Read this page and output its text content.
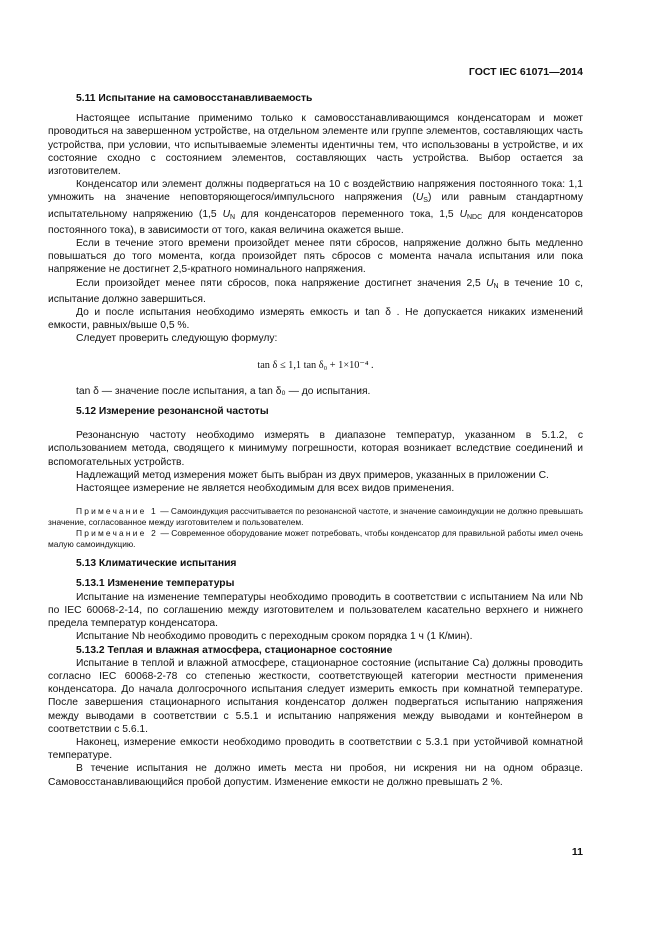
ГОСТ IEC 61071—2014
5.11 Испытание на самовосстанавливаемость

Настоящее испытание применимо только к самовосстанавливающимся конденсаторам и может проводиться на завершенном устройстве, на отдельном элементе или группе элементов, составляющих часть устройства, при условии, что испытываемые элементы идентичны тем, что использованы в устройстве, и их состояние сходно с состоянием элементов, составляющих часть устройства. Выбор остается за изготовителем.

Конденсатор или элемент должны подвергаться на 10 с воздействию напряжения постоянного тока: 1,1 умножить на значение неповторяющегося/импульсного напряжения $(U_S)$ или равным стандартному испытательному напряжению (1,5 $U_N$ для конденсаторов переменного тока, 1,5 $U_{NDC}$ для конденсаторов постоянного тока), в зависимости от того, какая величина окажется выше.

Если в течение этого времени произойдет менее пяти сбросов, напряжение должно быть медленно повышаться до того момента, когда произойдет пять сбросов с момента начала испытания или пока напряжение не достигнет 2,5-кратного номинального напряжения.

Если произойдет менее пяти сбросов, пока напряжение достигнет значения 2,5 $U_N$ в течение 10 с, испытание должно завершиться.

До и после испытания необходимо измерять емкость и tan δ . Не допускается никаких изменений емкости, равных/выше 0,5 %.

Следует проверить следующую формулу:

tan δ ≤ 1,1 tan δ₀ + 1×10⁻⁴ .

tan δ — значение после испытания, а tan δ₀ — до испытания.

5.12 Измерение резонансной частоты

Резонансную частоту необходимо измерять в диапазоне температур, указанном в 5.1.2, с использованием метода, сводящего к минимуму погрешности, которая возникает вследствие соединений и вспомогательных устройств.

Надлежащий метод измерения может быть выбран из двух примеров, указанных в приложении С.

Настоящее измерение не является необходимым для всех видов применения.

Примечание 1 — Самоиндукция рассчитывается по резонансной частоте, и значение самоиндукции не должно превышать значение, согласованное между изготовителем и пользователем.

Примечание 2 — Современное оборудование может потребовать, чтобы конденсатор для правильной работы имел очень малую самоиндукцию.

5.13 Климатические испытания
5.13.1 Изменение температуры

Испытание на изменение температуры необходимо проводить в соответствии с испытанием Na или Nb по IEC 60068-2-14, по соглашению между изготовителем и пользователем касательно верхнего и нижнего предела температур конденсатора.

Испытание Nb необходимо проводить с переходным сроком порядка 1 ч (1 К/мин).

5.13.2 Теплая и влажная атмосфера, стационарное состояние

Испытание в теплой и влажной атмосфере, стационарное состояние (испытание Са) должны проводить согласно IEC 60068-2-78 со степенью жесткости, соответствующей категории местности применения конденсатора. До начала долгосрочного испытания следует измерить емкость при комнатной температуре. После завершения стационарного испытания конденсатор должен подвергаться испытанию напряжения между выводами в соответствии с 5.5.1 и испытанию напряжения между выводами и контейнером в соответствии с 5.6.1.

Наконец, измерение емкости необходимо проводить в соответствии с 5.3.1 при устойчивой комнатной температуре.

В течение испытания не должно иметь места ни пробоя, ни искрения ни на одном образце. Самовосстанавливающийся пробой допустим. Изменение емкости не должно превышать 2 %.

11
